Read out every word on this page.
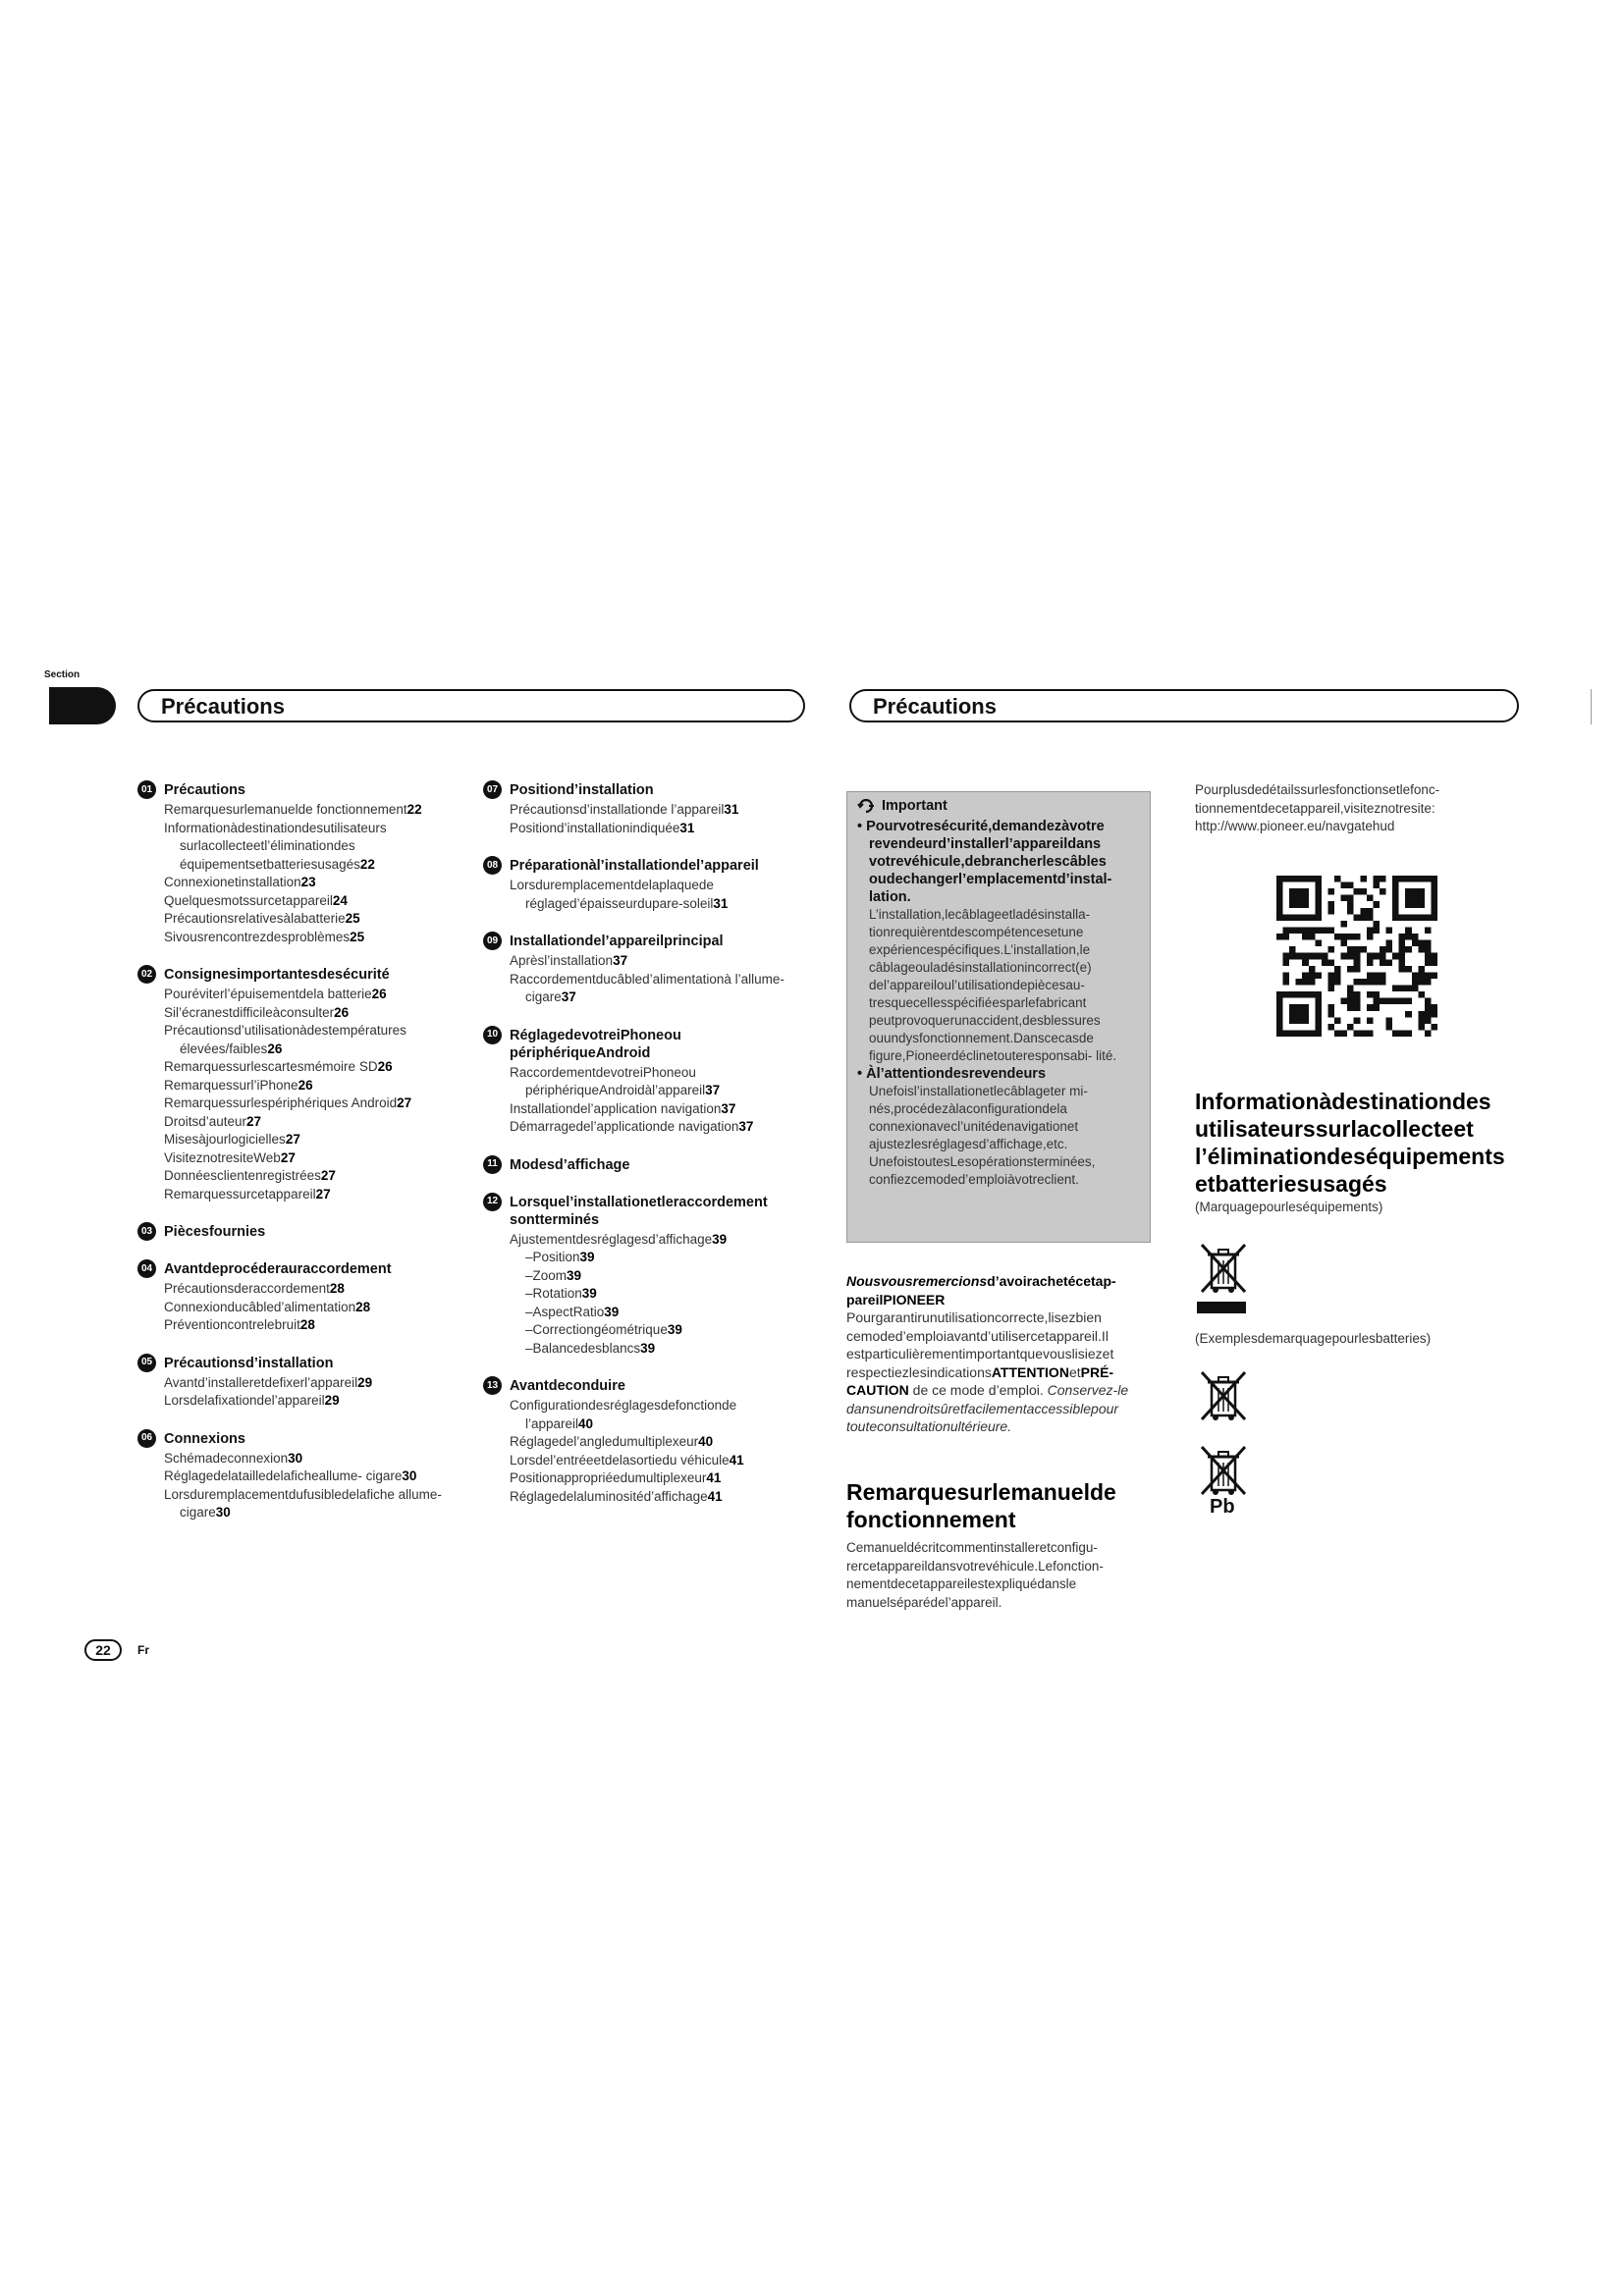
Section
Précautions	Précautions
01 Précautions
Remarquesurlemanuelde fonctionnement22
Informationàdestinationdesutilisateurs surlacollecteetl’éliminationdes équipementsetbatteriesusagés22
Connexionetinstallation23
Quelquesmotssurcetappareil24
Précautionsrelativesàlabatterie25
Sivousrencontrezdesproblèmes25
02 Consignesimportantesdesécurité
Pouréviterl’épuisementdela batterie26
Sil’écranestdifficileàconsulter26
Précautionsd’utilisationàdestempératures élevées/faibles26
Remarquessurlescartesmémoire SD26
Remarquessurl’iPhone26
Remarquessurlespériphériques Android27
Droitsd’auteur27
Misesàjourlogicielles27
VisiteznotresiteWeb27
Donnéesclientenregistrées27
Remarquessurcetappareil27
03 Piècesfournies
04 Avantdeprocéderauraccordement
Précautionsderaccordement28
Connexionducâbled’alimentation28
Préventioncontrelebruit28
05 Précautionsd’installation
Avantd’installeretdefixerl’appareil29
Lorsdelafixationdel’appareil29
06 Connexions
Schémadeconnexion30
Réglagedelatailledelaficheallume- cigare30
Lorsduremplacementdufusibledelafiche allume-cigare30
07 Positiond’installation
Précautionsd’installationde l’appareil31
Positiond’installationindiquée31
08 Préparationàl’installationdel’appareil
Lorsduremplacementdelaplaquede réglaged’épaisseurduparе-soleil31
09 Installationdel’appareilprincipal
Aprèsl’installation37
Raccordementducâbled’alimentationà l’allume-cigare37
10 RéglagedevotreiPhoneou périphériqueAndroid
RaccordementdevotreiPhoneou périphériqueAndroidàl’appareil37
Installationdel’application navigation37
Démarragedel’applicationde navigation37
11 Modesd’affichage
12 Lorsquel’installationetleraccordement sontterminés
Ajustementdesréglagesd’affichage39
–Position39
–Zoom39
–Rotation39
–AspectRatio39
–Correctiongéométrique39
–Balancedesblancs39
13 Avantdeconduire
Configurationdesréglagesdefonctionde l’appareil40
Réglagedel’angledumultiplexeur40
Lorsdel’entréeetdelasortiedu véhicule41
Positionappropriéedumultiplexeur41
Réglagedelaluminositéd’affichage41
Important
• Pourvotresécurité,demandezàvotre revendeurd’installerl’appareildans votrevéhicule,debrancherlescâbles oudechangerl’emplacementd’instal- lation.
L’installation,lecâblageetladésinstalla- tionrequièrentdescompétencesetune expériencespécifiques.L’installation,le câblageouladésinstallationincorrect(e) del’appareiloul’utilisationdepiècesau- tresquecellesspécifiéesparlefabricant peutprovoquerunaccident,desblessures ouundysfonctionnement.Danscecasde figure,Pioneerdéclinetouteresponsabi- lité.
• Àl’attentiondesrevendeurs
Unefoisl’installationetlecâblageter mi- nés,procédezàlaconfigurationdela connexionavecl’unitédenavigationet ajustezlesréglagesd’affichage,etc. UnefoistoutesLesopérationsterminées, confiezcemoded’emploiàvotreclient.
Nousvousremercionsd’avoirachetécetap- pareilPIONEER
Pourgarantirunutilisationcorrecte,lisezbien cemoded’emploiavantd’utilisercetappareil.Il estparticulièrementimportantquevouslisiezet respectiezlesindicationsATTENTIONetPRÉ- CAUTION de ce mode d’emploi. Conservez-le dansunendroitsûretfacilementaccessiblepour touteconsultationultérieure.
Remarquesurlemanuelde fonctionnement
Cemanueldécritcommentinstalleretconfigu- rercetappareildansvotrevéhicule.Lefonction- nementdecetappareilestexpliquédansle manuelséparédel’appareil.
Pourplusdedétailssurlesfonctionsetlefonc- tionnementdecetappareil,visiteznotresite: http://www.pioneer.eu/navgatehud
Informationàdestinationdes utilisateurssurlacollecteet l’éliminationdeséquipements etbatteriesusagés
(Marquagepourleséquipements)
(Exemplesdemarquagepourlesbatteries)
Pb
22	Fr
